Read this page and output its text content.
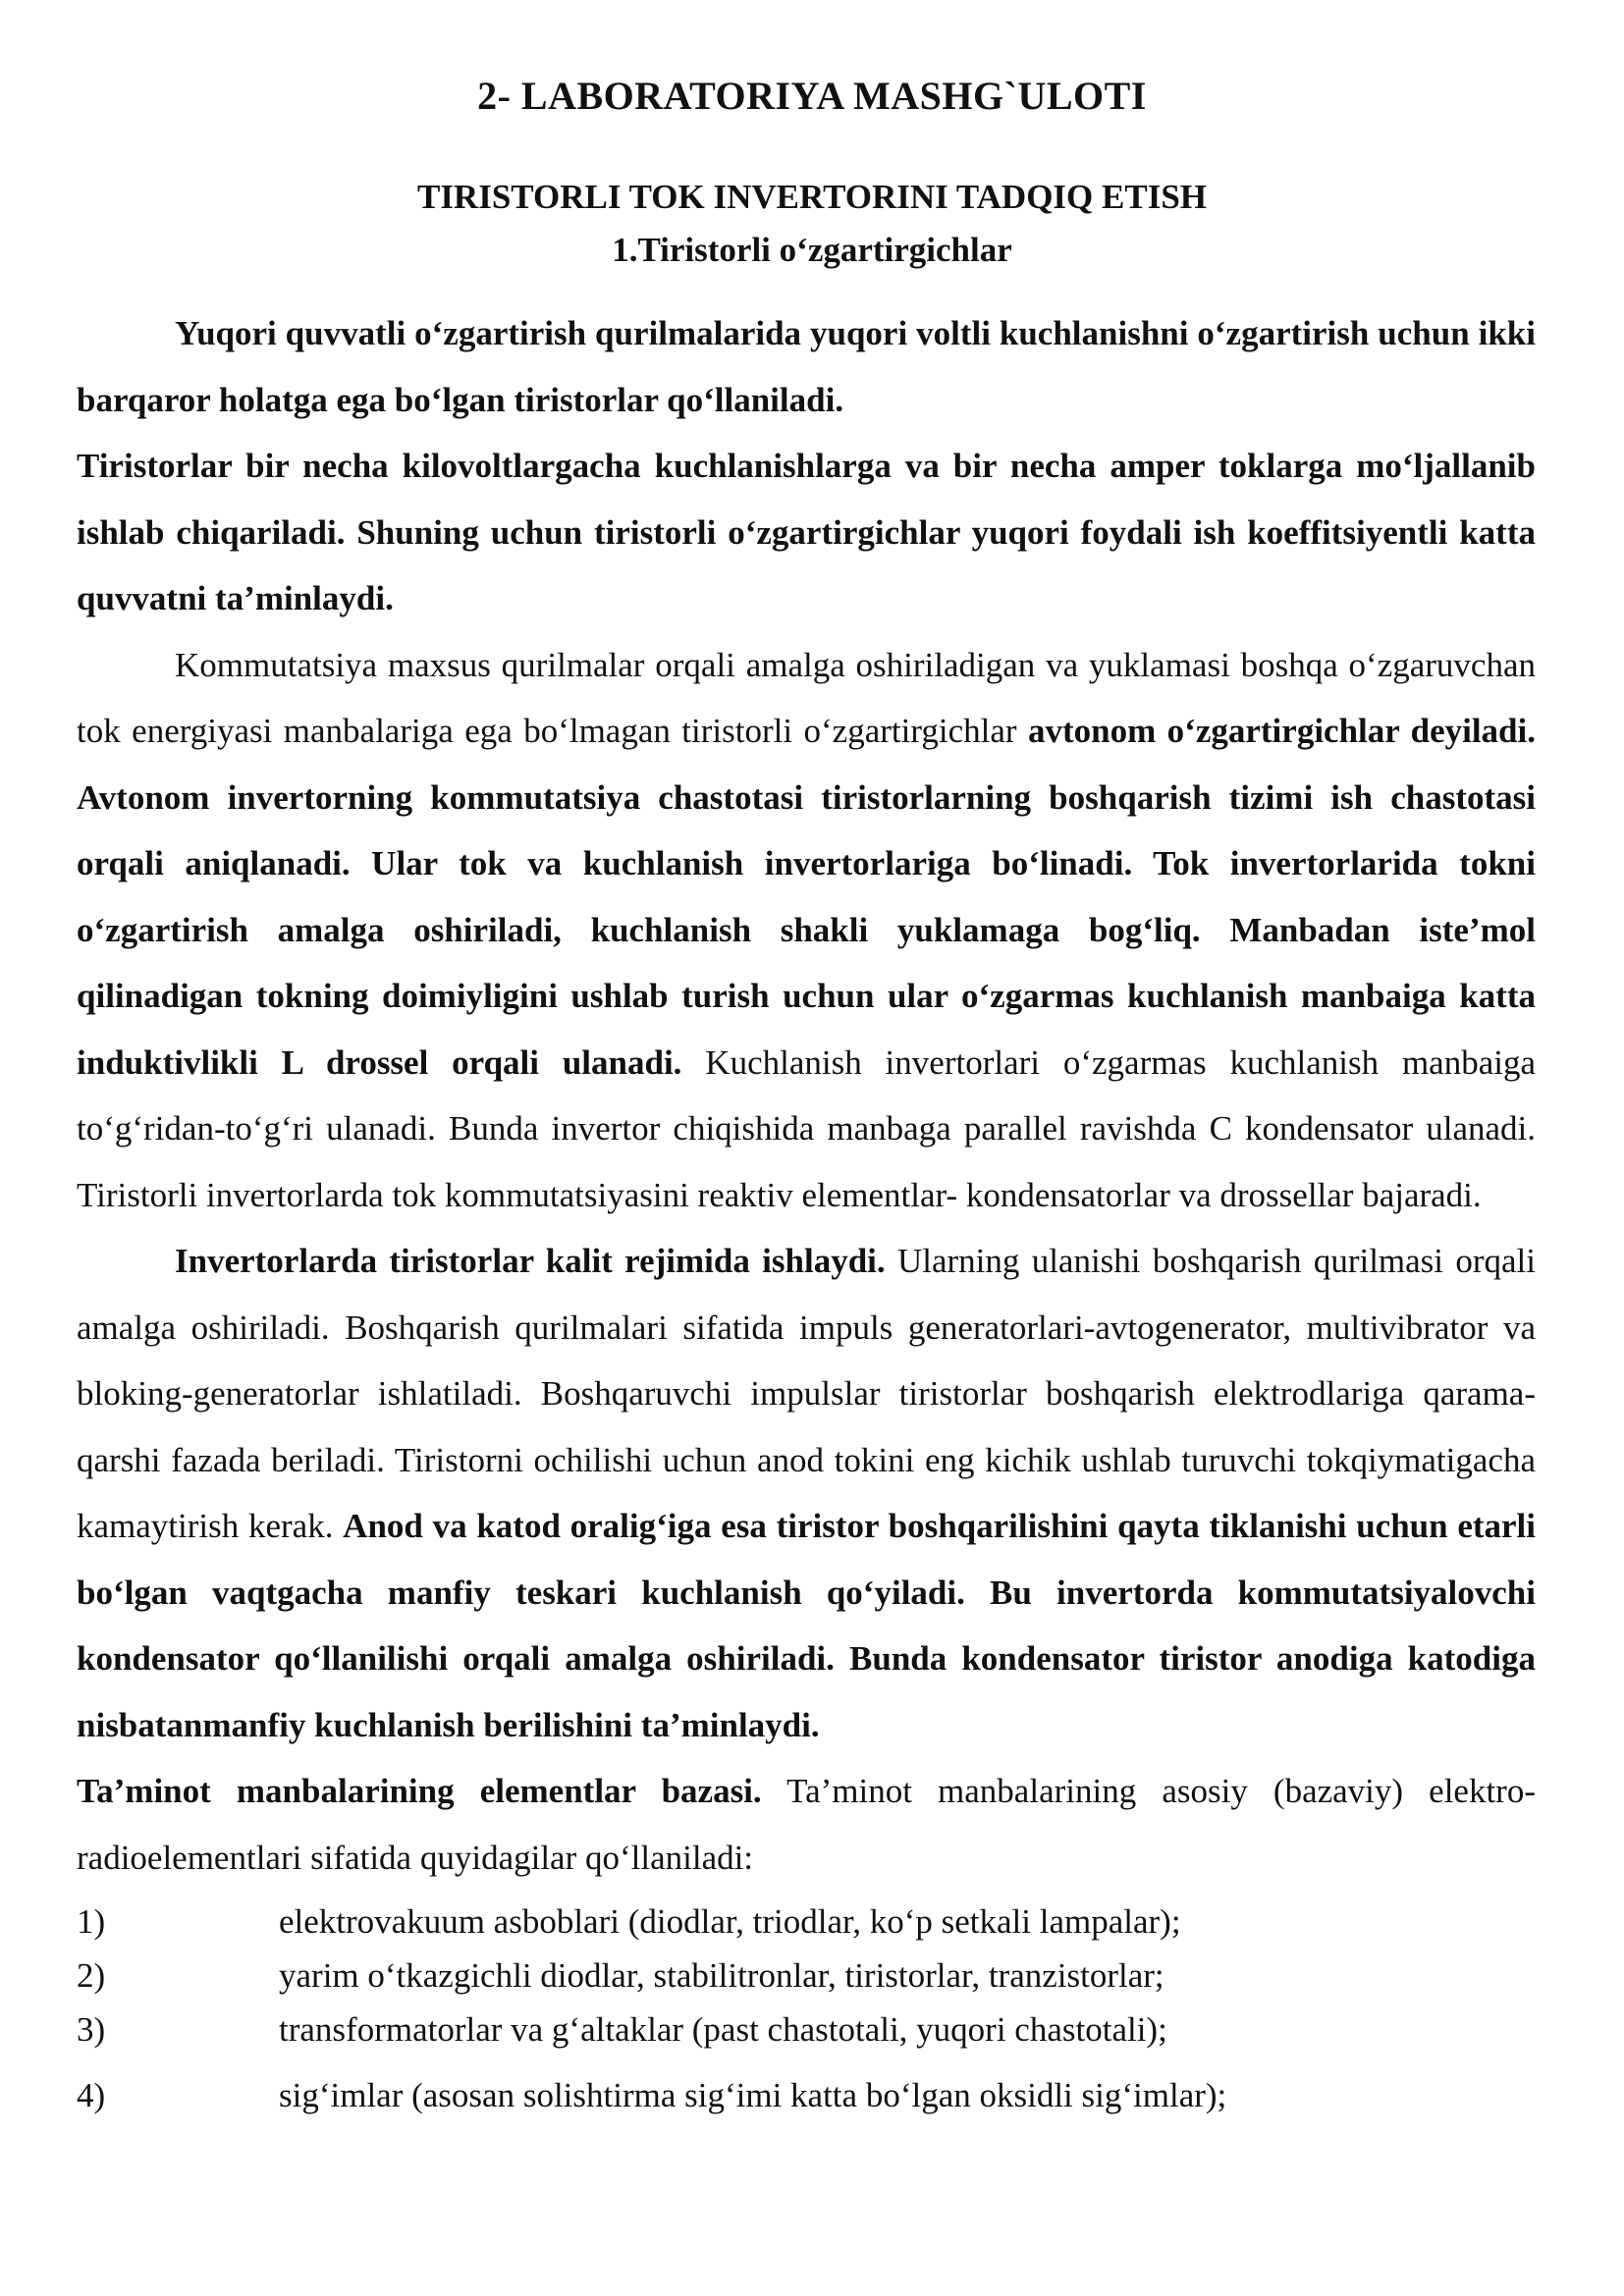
2- LABORATORIYA MASHG`ULOTI
TIRISTORLI TOK INVERTORINI TADQIQ ETISH
1.Tiristorli o‘zgartirgichlar

Yuqori quvvatli o‘zgartirish qurilmalarida yuqori voltli kuchlanishni o‘zgartirish uchun ikki barqaror holatga ega bo‘lgan tiristorlar qo‘llaniladi.

Tiristorlar bir necha kilovoltlargacha kuchlanishlarga va bir necha amper toklarga mo‘ljallanib ishlab chiqariladi. Shuning uchun tiristorli o‘zgartirgichlar yuqori foydali ish koeffitsiyentli katta quvvatni ta’minlaydi.

Kommutatsiya maxsus qurilmalar orqali amalga oshiriladigan va yuklamasi boshqa o‘zgaruvchan tok energiyasi manbalariga ega bo‘lmagan tiristorli o‘zgartirgichlar avtonom o‘zgartirgichlar deyiladi. Avtonom invertorning kommutatsiya chastotasi tiristorlarning boshqarish tizimi ish chastotasi orqali aniqlanadi. Ular tok va kuchlanish invertorlariga bo‘linadi. Tok invertorlarida tokni o‘zgartirish amalga oshiriladi, kuchlanish shakli yuklamaga bog‘liq. Manbadan iste’mol qilinadigan tokning doimiyligini ushlab turish uchun ular o‘zgarmas kuchlanish manbaiga katta induktivlikli L drossel orqali ulanadi. Kuchlanish invertorlari o‘zgarmas kuchlanish manbaiga to‘g‘ridan-to‘g‘ri ulanadi. Bunda invertor chiqishida manbaga parallel ravishda C kondensator ulanadi. Tiristorli invertorlarda tok kommutatsiyasini reaktiv elementlar- kondensatorlar va drossellar bajaradi.

Invertorlarda tiristorlar kalit rejimida ishlaydi. Ularning ulanishi boshqarish qurilmasi orqali amalga oshiriladi. Boshqarish qurilmalari sifatida impuls generatorlari-avtogenerator, multivibrator va bloking-generatorlar ishlatiladi. Boshqaruvchi impulslar tiristorlar boshqarish elektrodlariga qarama-qarshi fazada beriladi. Tiristorni ochilishi uchun anod tokini eng kichik ushlab turuvchi tokqiymatigacha kamaytirish kerak. Anod va katod oralig‘iga esa tiristor boshqarilishini qayta tiklanishi uchun etarli bo‘lgan vaqtgacha manfiy teskari kuchlanish qo‘yiladi. Bu invertorda kommutatsiyalovchi kondensator qo‘llanilishi orqali amalga oshiriladi. Bunda kondensator tiristor anodiga katodiga nisbatanmanfiy kuchlanish berilishini ta’minlaydi.

Ta’minot manbalarining elementlar bazasi. Ta’minot manbalarining asosiy (bazaviy) elektro-radioelementlari sifatida quyidagilar qo‘llaniladi:

1)	elektrovakuum asboblari (diodlar, triodlar, ko‘p setkali lampalar);
2)	yarim o‘tkazgichli diodlar, stabilitronlar, tiristorlar, tranzistorlar;
3)	transformatorlar va g‘altaklar (past chastotali, yuqori chastotali);
4)	sig‘imlar (asosan solishtirma sig‘imi katta bo‘lgan oksidli sig‘imlar);
